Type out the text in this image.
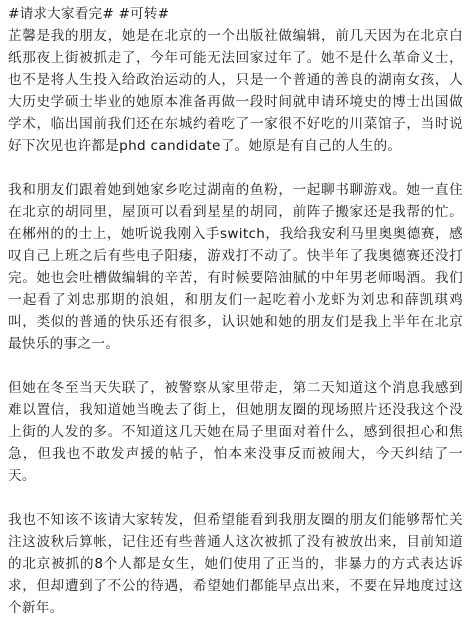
#请求大家看完# #可转#

芷馨是我的朋友，她是在北京的一个出版社做编辑，前几天因为在北京白纸那夜上街被抓走了，今年可能无法回家过年了。她不是什么革命义士，也不是将人生投入给政治运动的人，只是一个普通的善良的湖南女孩，人大历史学硕士毕业的她原本准备再做一段时间就申请环境史的博士出国做学术，临出国前我们还在东城约着吃了一家很不好吃的川菜馆子，当时说好下次见也许都是phd candidate了。她原是有自己的人生的。

我和朋友们跟着她到她家乡吃过湖南的鱼粉，一起聊书聊游戏。她一直住在北京的胡同里，屋顶可以看到星星的胡同，前阵子搬家还是我帮的忙。在郴州的的士上，她听说我刚入手switch，我给我安利马里奥奥德赛，感叹自己上班之后有些电子阳痿，游戏打不动了。快半年了我奥德赛还没打完。她也会吐槽做编辑的辛苦，有时候要陪油腻的中年男老师喝酒。我们一起看了刘忠那期的浪姐，和朋友们一起吃着小龙虾为刘忠和薛凯琪鸡叫，类似的普通的快乐还有很多，认识她和她的朋友们是我上半年在北京最快乐的事之一。

但她在冬至当天失联了，被警察从家里带走，第二天知道这个消息我感到难以置信，我知道她当晚去了街上，但她朋友圈的现场照片还没我这个没上街的人发的多。不知道这几天她在局子里面对着什么，感到很担心和焦急，但我也不敢发声援的帖子，怕本来没事反而被闹大，今天纠结了一天。

我也不知该不该请大家转发，但希望能看到我朋友圈的朋友们能够帮忙关注这波秋后算帐，记住还有些普通人这次被抓了没有被放出来，目前知道的北京被抓的8个人都是女生，她们使用了正当的，非暴力的方式表达诉求，但却遭到了不公的待遇，希望她们都能早点出来，不要在异地度过这个新年。
